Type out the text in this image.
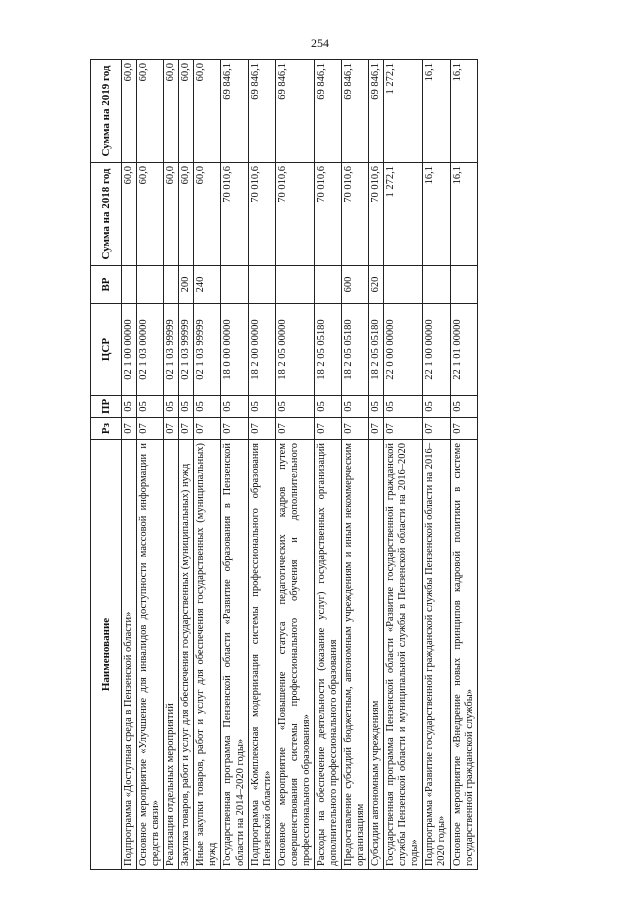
254
Наименование	Рз	ПР	ЦСР	ВР	Сумма на 2018 год	Сумма на 2019 год
Подпрограмма «Доступная среда в Пензенской области»	07	05	02 1 00 00000		60,0	60,0
Основное мероприятие «Улучшение для инвалидов доступности массовой информации и средств связи»	07	05	02 1 03 00000		60,0	60,0
Реализация отдельных мероприятий	07	05	02 1 03 99999		60,0	60,0
Закупка товаров, работ и услуг для обеспечения государственных (муниципальных) нужд	07	05	02 1 03 99999	200	60,0	60,0
Иные закупки товаров, работ и услуг для обеспечения государственных (муниципальных) нужд	07	05	02 1 03 99999	240	60,0	60,0
Государственная программа Пензенской области «Развитие образования в Пензенской области на 2014–2020 годы»	07	05	18 0 00 00000		70 010,6	69 846,1
Подпрограмма «Комплексная модернизация системы профессионального образования Пензенской области»	07	05	18 2 00 00000		70 010,6	69 846,1
Основное мероприятие «Повышение статуса педагогических кадров путем совершенствования системы профессионального обучения и дополнительного профессионального образования»	07	05	18 2 05 00000		70 010,6	69 846,1
Расходы на обеспечение деятельности (оказание услуг) государственных организаций дополнительного профессионального образования	07	05	18 2 05 05180		70 010,6	69 846,1
Предоставление субсидий бюджетным, автономным учреждениям и иным некоммерческим организациям	07	05	18 2 05 05180	600	70 010,6	69 846,1
Субсидии автономным учреждениям	07	05	18 2 05 05180	620	70 010,6	69 846,1
Государственная программа Пензенской области «Развитие государственной гражданской службы Пензенской области и муниципальной службы в Пензенской области на 2016–2020 годы»	07	05	22 0 00 00000		1 272,1	1 272,1
Подпрограмма «Развитие государственной гражданской службы Пензенской области на 2016–2020 годы»	07	05	22 1 00 00000		16,1	16,1
Основное мероприятие «Внедрение новых принципов кадровой политики в системе государственной гражданской службы»	07	05	22 1 01 00000		16,1	16,1
